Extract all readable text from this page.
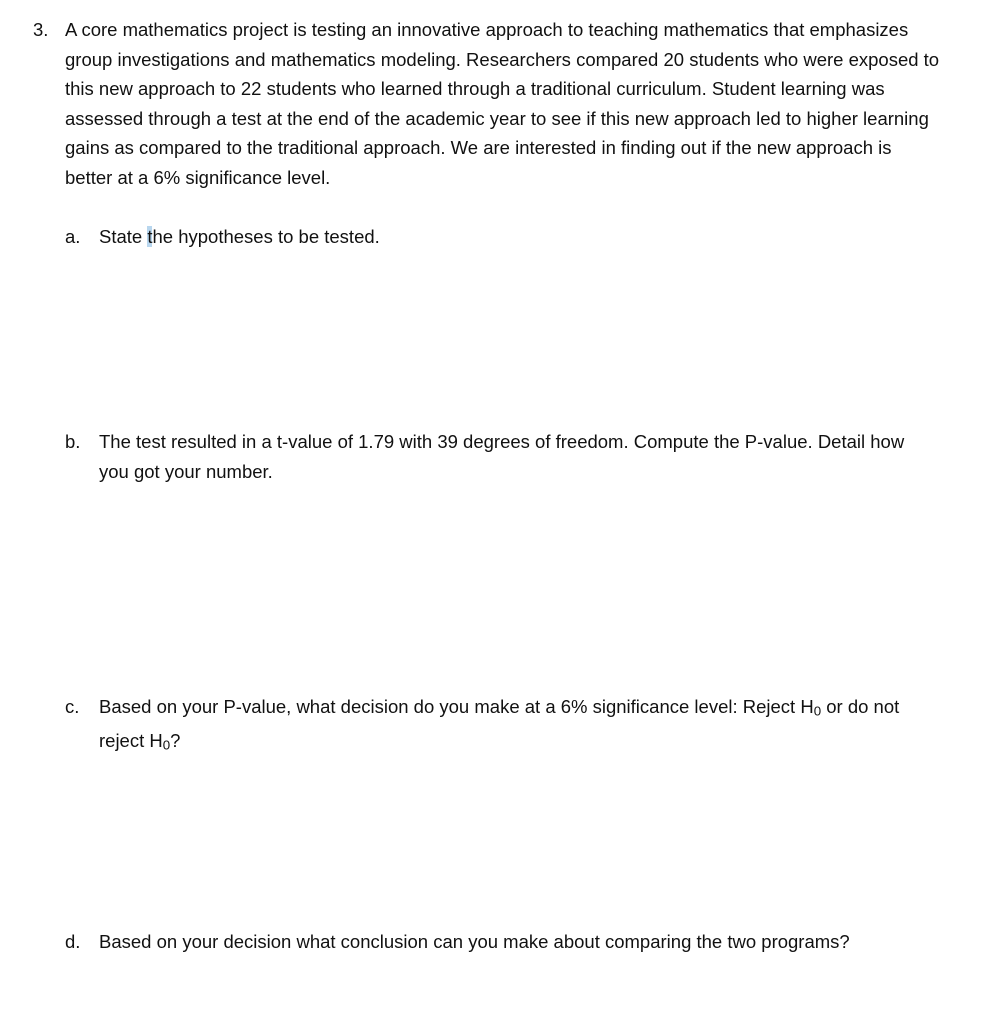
3. A core mathematics project is testing an innovative approach to teaching mathematics that emphasizes group investigations and mathematics modeling. Researchers compared 20 students who were exposed to this new approach to 22 students who learned through a traditional curriculum. Student learning was assessed through a test at the end of the academic year to see if this new approach led to higher learning gains as compared to the traditional approach. We are interested in finding out if the new approach is better at a 6% significance level.
a. State the hypotheses to be tested.
b. The test resulted in a t-value of 1.79 with 39 degrees of freedom. Compute the P-value. Detail how you got your number.
c. Based on your P-value, what decision do you make at a 6% significance level: Reject H0 or do not reject H0?
d. Based on your decision what conclusion can you make about comparing the two programs?
